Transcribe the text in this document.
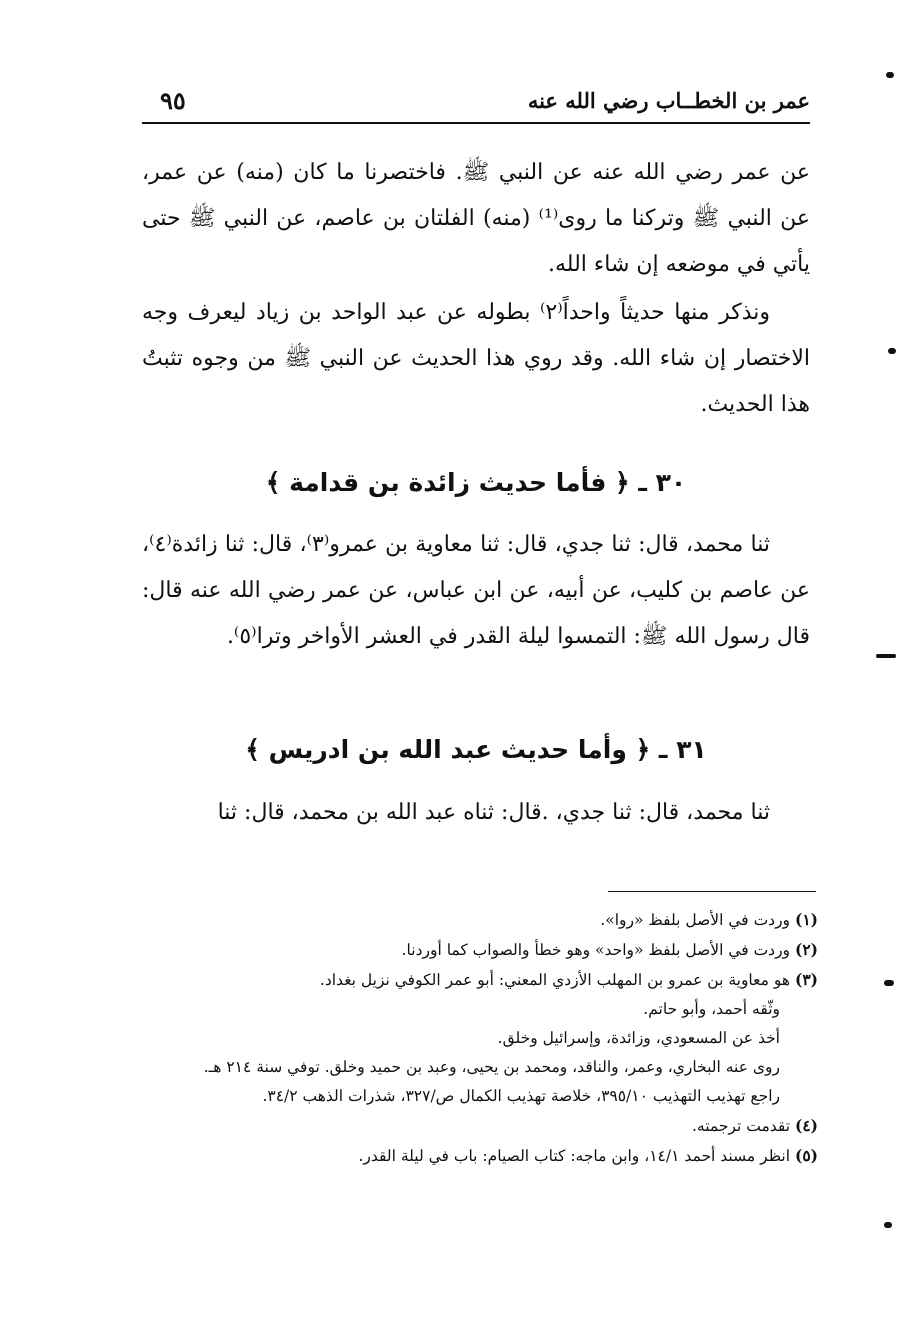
عمر بن الخطــاب رضي الله عنه
٩٥

عن عمر رضي الله عنه عن النبي ﷺ. فاختصرنا ما كان (منه) عن عمر، عن النبي ﷺ وتركنا ما روى⁽¹⁾ (منه) الفلتان بن عاصم، عن النبي ﷺ حتى يأتي في موضعه إن شاء الله.

ونذكر منها حديثاً واحداً⁽٢⁾ بطوله عن عبد الواحد بن زياد ليعرف وجه الاختصار إن شاء الله. وقد روي هذا الحديث عن النبي ﷺ من وجوه تثبتُ هذا الحديث.

٣٠ ـ ﴿ فأما حديث زائدة بن قدامة ﴾

ثنا محمد، قال: ثنا جدي، قال: ثنا معاوية بن عمرو⁽٣⁾، قال: ثنا زائدة⁽٤⁾، عن عاصم بن كليب، عن أبيه، عن ابن عباس، عن عمر رضي الله عنه قال: قال رسول الله ﷺ: التمسوا ليلة القدر في العشر الأواخر وترا⁽٥⁾.

٣١ ـ ﴿ وأما حديث عبد الله بن ادريس ﴾

ثنا محمد، قال: ثنا جدي، .قال: ثناه عبد الله بن محمد، قال: ثنا

(١) وردت في الأصل بلفظ «روا».

(٢) وردت في الأصل بلفظ «واحد» وهو خطأ والصواب كما أوردنا.

(٣) هو معاوية بن عمرو بن المهلب الأزدي المعني: أبو عمر الكوفي نزيل بغداد.

وثّقه أحمد، وأبو حاتم.

أخذ عن المسعودي، وزائدة، وإسرائيل وخلق.

روى عنه البخاري، وعمر، والناقد، ومحمد بن يحيى، وعبد بن حميد وخلق. توفي سنة ٢١٤ هـ.

راجع تهذيب التهذيب ٣٩٥/١٠، خلاصة تهذيب الكمال ص/٣٢٧، شذرات الذهب ٣٤/٢.

(٤) تقدمت ترجمته.

(٥) انظر مسند أحمد ١٤/١، وابن ماجه: كتاب الصيام: باب في ليلة القدر.
